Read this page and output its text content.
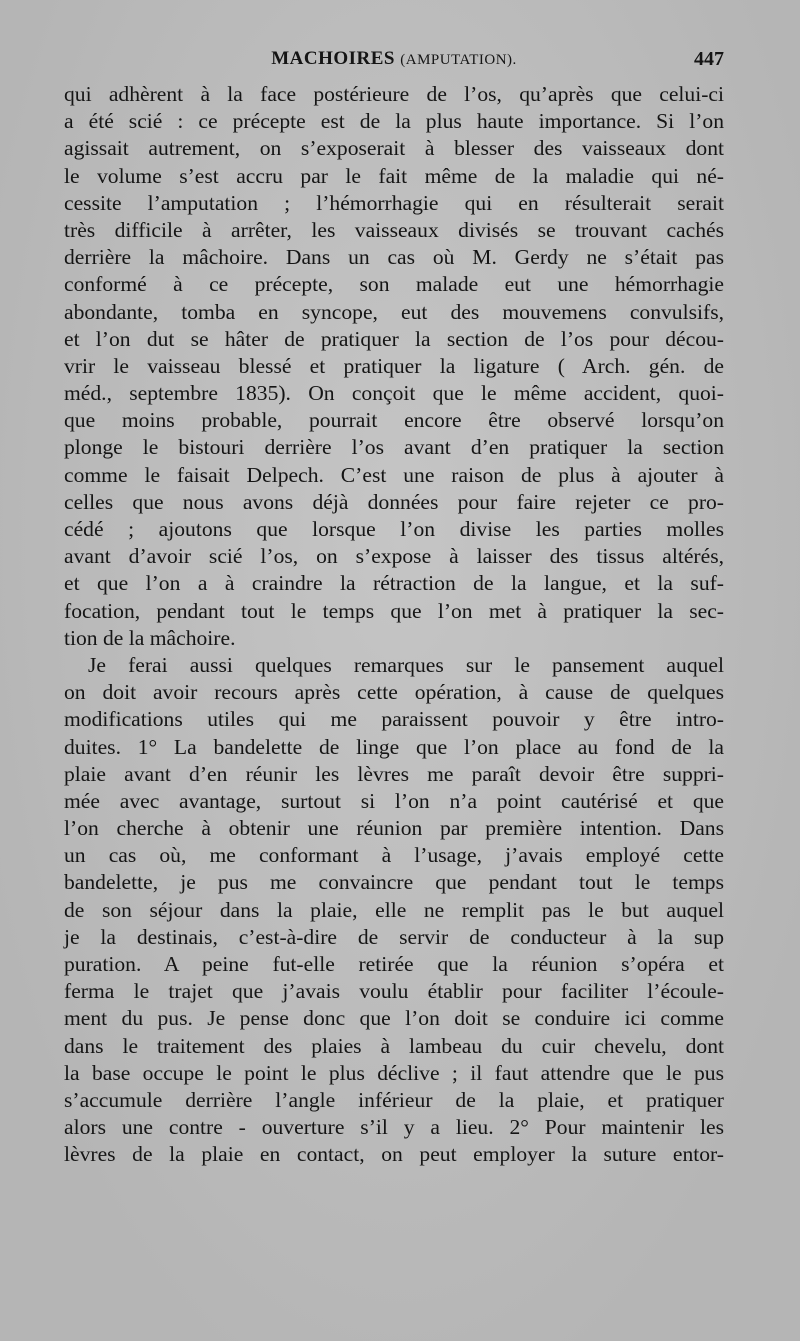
MACHOIRES (AMPUTATION).	447
qui adhèrent à la face postérieure de l’os, qu’après que celui-ci
a été scié : ce précepte est de la plus haute importance. Si l’on
agissait autrement, on s’exposerait à blesser des vaisseaux dont
le volume s’est accru par le fait même de la maladie qui né-
cessite l’amputation ; l’hémorrhagie qui en résulterait serait
très difficile à arrêter, les vaisseaux divisés se trouvant cachés
derrière la mâchoire. Dans un cas où M. Gerdy ne s’était pas
conformé à ce précepte, son malade eut une hémorrhagie
abondante, tomba en syncope, eut des mouvemens convulsifs,
et l’on dut se hâter de pratiquer la section de l’os pour décou-
vrir le vaisseau blessé et pratiquer la ligature ( Arch. gén. de
méd., septembre 1835). On conçoit que le même accident, quoi-
que moins probable, pourrait encore être observé lorsqu’on
plonge le bistouri derrière l’os avant d’en pratiquer la section
comme le faisait Delpech. C’est une raison de plus à ajouter à
celles que nous avons déjà données pour faire rejeter ce pro-
cédé ; ajoutons que lorsque l’on divise les parties molles
avant d’avoir scié l’os, on s’expose à laisser des tissus altérés,
et que l’on a à craindre la rétraction de la langue, et la suf-
focation, pendant tout le temps que l’on met à pratiquer la sec-
tion de la mâchoire.
Je ferai aussi quelques remarques sur le pansement auquel
on doit avoir recours après cette opération, à cause de quelques
modifications utiles qui me paraissent pouvoir y être intro-
duites. 1° La bandelette de linge que l’on place au fond de la
plaie avant d’en réunir les lèvres me paraît devoir être suppri-
mée avec avantage, surtout si l’on n’a point cautérisé et que
l’on cherche à obtenir une réunion par première intention. Dans
un cas où, me conformant à l’usage, j’avais employé cette
bandelette, je pus me convaincre que pendant tout le temps
de son séjour dans la plaie, elle ne remplit pas le but auquel
je la destinais, c’est-à-dire de servir de conducteur à la sup
puration. A peine fut-elle retirée que la réunion s’opéra et
ferma le trajet que j’avais voulu établir pour faciliter l’écoule-
ment du pus. Je pense donc que l’on doit se conduire ici comme
dans le traitement des plaies à lambeau du cuir chevelu, dont
la base occupe le point le plus déclive ; il faut attendre que le pus
s’accumule derrière l’angle inférieur de la plaie, et pratiquer
alors une contre - ouverture s’il y a lieu. 2° Pour maintenir les
lèvres de la plaie en contact, on peut employer la suture entor-
